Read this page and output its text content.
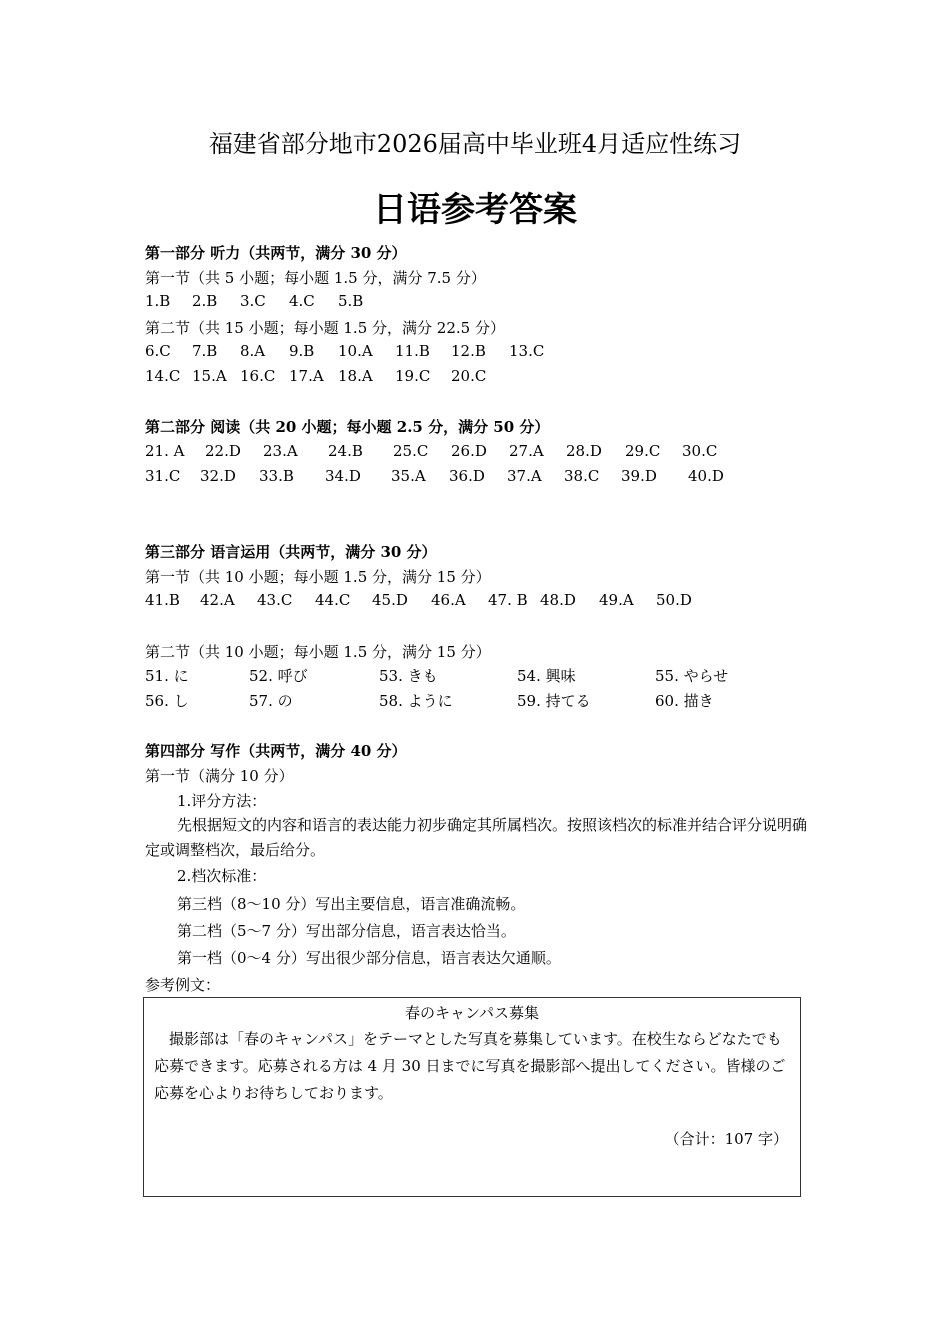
福建省部分地市2026届高中毕业班4月适应性练习
日语参考答案
第一部分 听力（共两节，满分 30 分）
第一节（共 5 小题；每小题 1.5 分，满分 7.5 分）
1.B 2.B 3.C 4.C 5.B
第二节（共 15 小题；每小题 1.5 分，满分 22.5 分）
6.C 7.B 8.A 9.B 10.A 11.B 12.B 13.C
14.C 15.A 16.C 17.A 18.A 19.C 20.C
第二部分 阅读（共 20 小题；每小题 2.5 分，满分 50 分）
21. A 22.D 23.A 24.B 25.C 26.D 27.A 28.D 29.C 30.C
31.C 32.D 33.B 34.D 35.A 36.D 37.A 38.C 39.D 40.D
第三部分 语言运用（共两节，满分 30 分）
第一节（共 10 小题；每小题 1.5 分，满分 15 分）
41.B 42.A 43.C 44.C 45.D 46.A 47. B 48.D 49.A 50.D
第二节（共 10 小题；每小题 1.5 分，满分 15 分）
51. に	52. 呼び	53. きも	54. 興味	55. やらせ
56. し	57. の	58. ように	59. 持てる	60. 描き
第四部分 写作（共两节，满分 40 分）
第一节（满分 10 分）
1.评分方法：
先根据短文的内容和语言的表达能力初步确定其所属档次。按照该档次的标准并结合评分说明确定或调整档次，最后给分。
2.档次标准：
第三档（8～10 分）写出主要信息，语言准确流畅。
第二档（5～7 分）写出部分信息，语言表达恰当。
第一档（0～4 分）写出很少部分信息，语言表达欠通顺。
参考例文：
春のキャンパス募集
撮影部は「春のキャンパス」をテーマとした写真を募集しています。在校生ならどなたでも応募できます。応募される方は 4 月 30 日までに写真を撮影部へ提出してください。皆様のご応募を心よりお待ちしております。
（合计：107 字）
